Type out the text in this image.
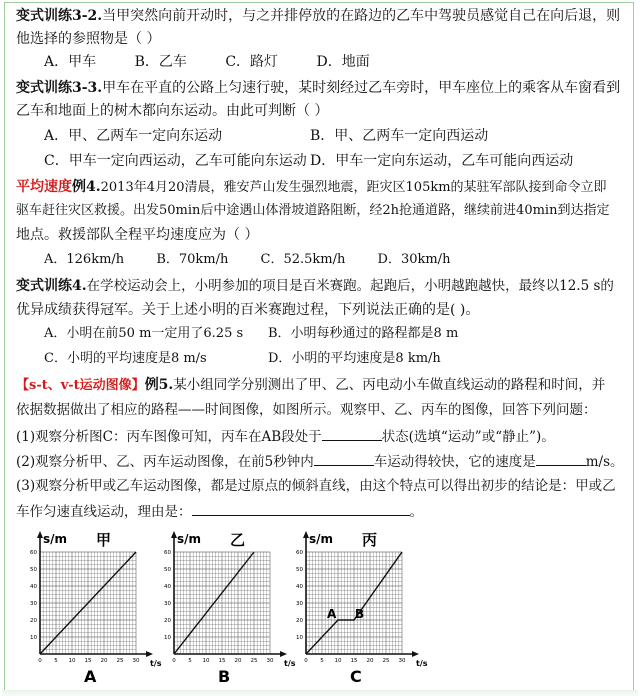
变式训练3-2.当甲突然向前开动时，与之并排停放的在路边的乙车中驾驶员感觉自己在向后退，则
他选择的参照物是（ ）
A．甲车	B．乙车	C．路灯	D．地面
变式训练3-3.甲车在平直的公路上匀速行驶，某时刻经过乙车旁时，甲车座位上的乘客从车窗看到
乙车和地面上的树木都向东运动。由此可判断（ ）
A．甲、乙两车一定向东运动	B．甲、乙两车一定向西运动
C．甲车一定向西运动，乙车可能向东运动 D．甲车一定向东运动，乙车可能向西运动
平均速度例4.2013年4月20清晨，雅安芦山发生强烈地震，距灾区105km的某驻军部队接到命令立即
驱车赶往灾区救援。出发50min后中途遇山体滑坡道路阻断，经2h抢通道路，继续前进40min到达指定
地点。救援部队全程平均速度应为（ ）
A．126km/h B．70km/h C．52.5km/h D．30km/h
变式训练4.在学校运动会上，小明参加的项目是百米赛跑。起跑后，小明越跑越快，最终以12.5 s的
优异成绩获得冠军。关于上述小明的百米赛跑过程，下列说法正确的是( )。
A．小明在前50 m一定用了6.25 s B．小明每秒通过的路程都是8 m
C．小明的平均速度是8 m/s	D．小明的平均速度是8 km/h
【s-t、v-t运动图像】例5.某小组同学分别测出了甲、乙、丙电动小车做直线运动的路程和时间，并
依据数据做出了相应的路程——时间图像，如图所示。观察甲、乙、丙车的图像，回答下列问题：
(1)观察分析图C：丙车图像可知，丙车在AB段处于	状态(选填“运动”或“静止”)。
(2)观察分析甲、乙、丙车运动图像，在前5秒钟内	车运动得较快，它的速度是	m/s。
(3)观察分析甲或乙车运动图像，都是过原点的倾斜直线，由这个特点可以得出初步的结论是：甲或乙
车作匀速直线运动，理由是：	。
s/m
t/s
甲
A
10
20
30
40
50
60
0 5 10 15 20 25 30
s/m
t/s
乙
B
10
20
30
40
50
60
0 5 10 15 20 25 30
s/m
t/s
丙
C
A B
10
20
30
40
50
60
0 5 10 15 20 25 30
